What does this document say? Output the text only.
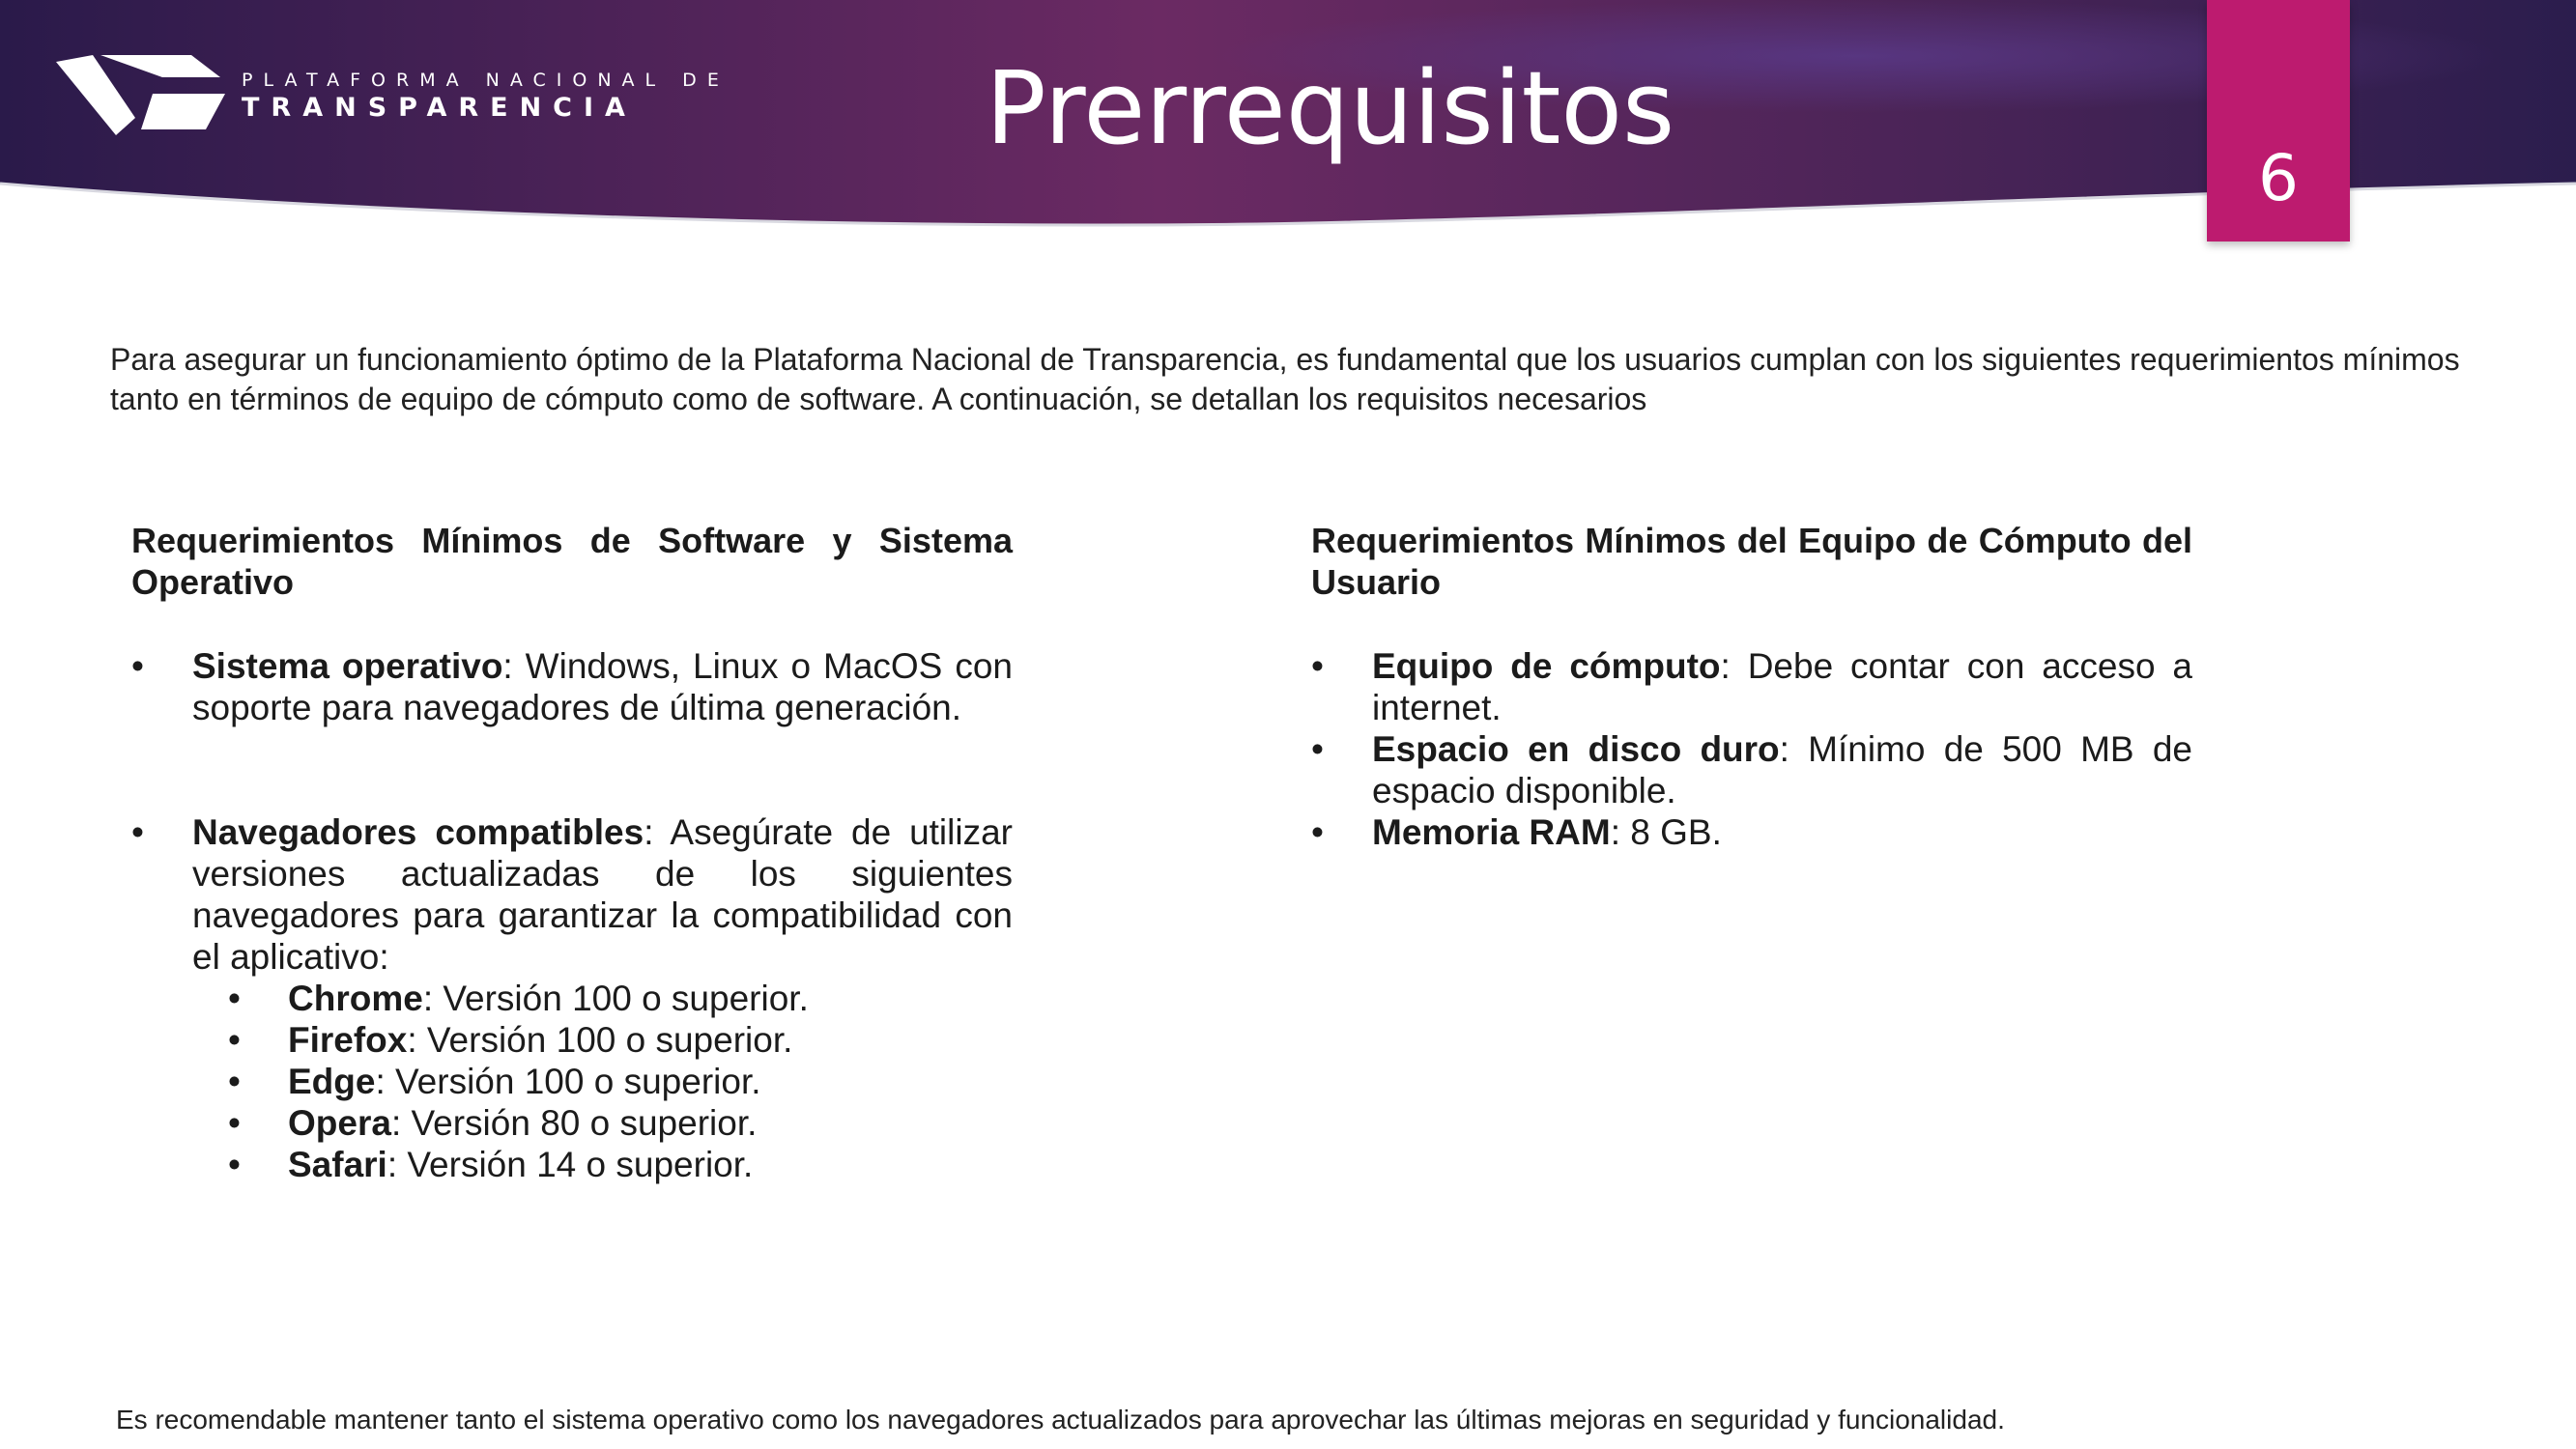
PLATAFORMA NACIONAL DE
TRANSPARENCIA	Prerrequisitos
6
Para asegurar un funcionamiento óptimo de la Plataforma Nacional de Transparencia, es fundamental que los usuarios cumplan con los siguientes requerimientos mínimos tanto en términos de equipo de cómputo como de software. A continuación, se detallan los requisitos necesarios
Requerimientos Mínimos de Software y Sistema Operativo
• Sistema operativo: Windows, Linux o MacOS con soporte para navegadores de última generación.
• Navegadores compatibles: Asegúrate de utilizar versiones actualizadas de los siguientes navegadores para garantizar la compatibilidad con el aplicativo:
• Chrome: Versión 100 o superior.
• Firefox: Versión 100 o superior.
• Edge: Versión 100 o superior.
• Opera: Versión 80 o superior.
• Safari: Versión 14 o superior.
Requerimientos Mínimos del Equipo de Cómputo del Usuario
• Equipo de cómputo: Debe contar con acceso a internet.
• Espacio en disco duro: Mínimo de 500 MB de espacio disponible.
• Memoria RAM: 8 GB.
Es recomendable mantener tanto el sistema operativo como los navegadores actualizados para aprovechar las últimas mejoras en seguridad y funcionalidad.
